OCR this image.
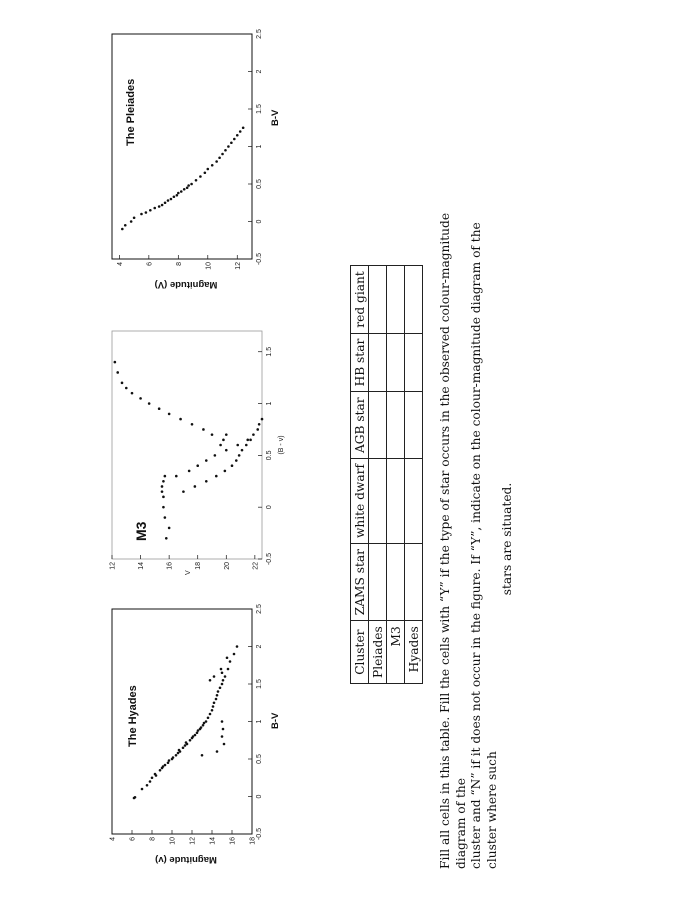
The Hyades	B-V
Magnitude (v)
-0.5
0
0.5
1
1.5
2
2.5
4 6 8 10 12 14 16 18
M3
(B - v)
V
-0.5
0
0.5
1
1.5
12	14	16	18	20	22
The Pleiades	B-V
Magnitude (V)
-0.5
0
0.5
1
1.5
2
2.5
4	6	8	10	12
Cluster	ZAMS star	white dwarf	AGB star	HB star	red giant
Pleiades					
M3					
Hyades					Fill all cells in this table. Fill the cells with “Y” if the type of star occurs in the observed colour-magnitude diagram of the cluster and “N” if it does not occur in the figure. If “Y”, indicate on the colour-magnitude diagram of the cluster where such
stars are situated.
